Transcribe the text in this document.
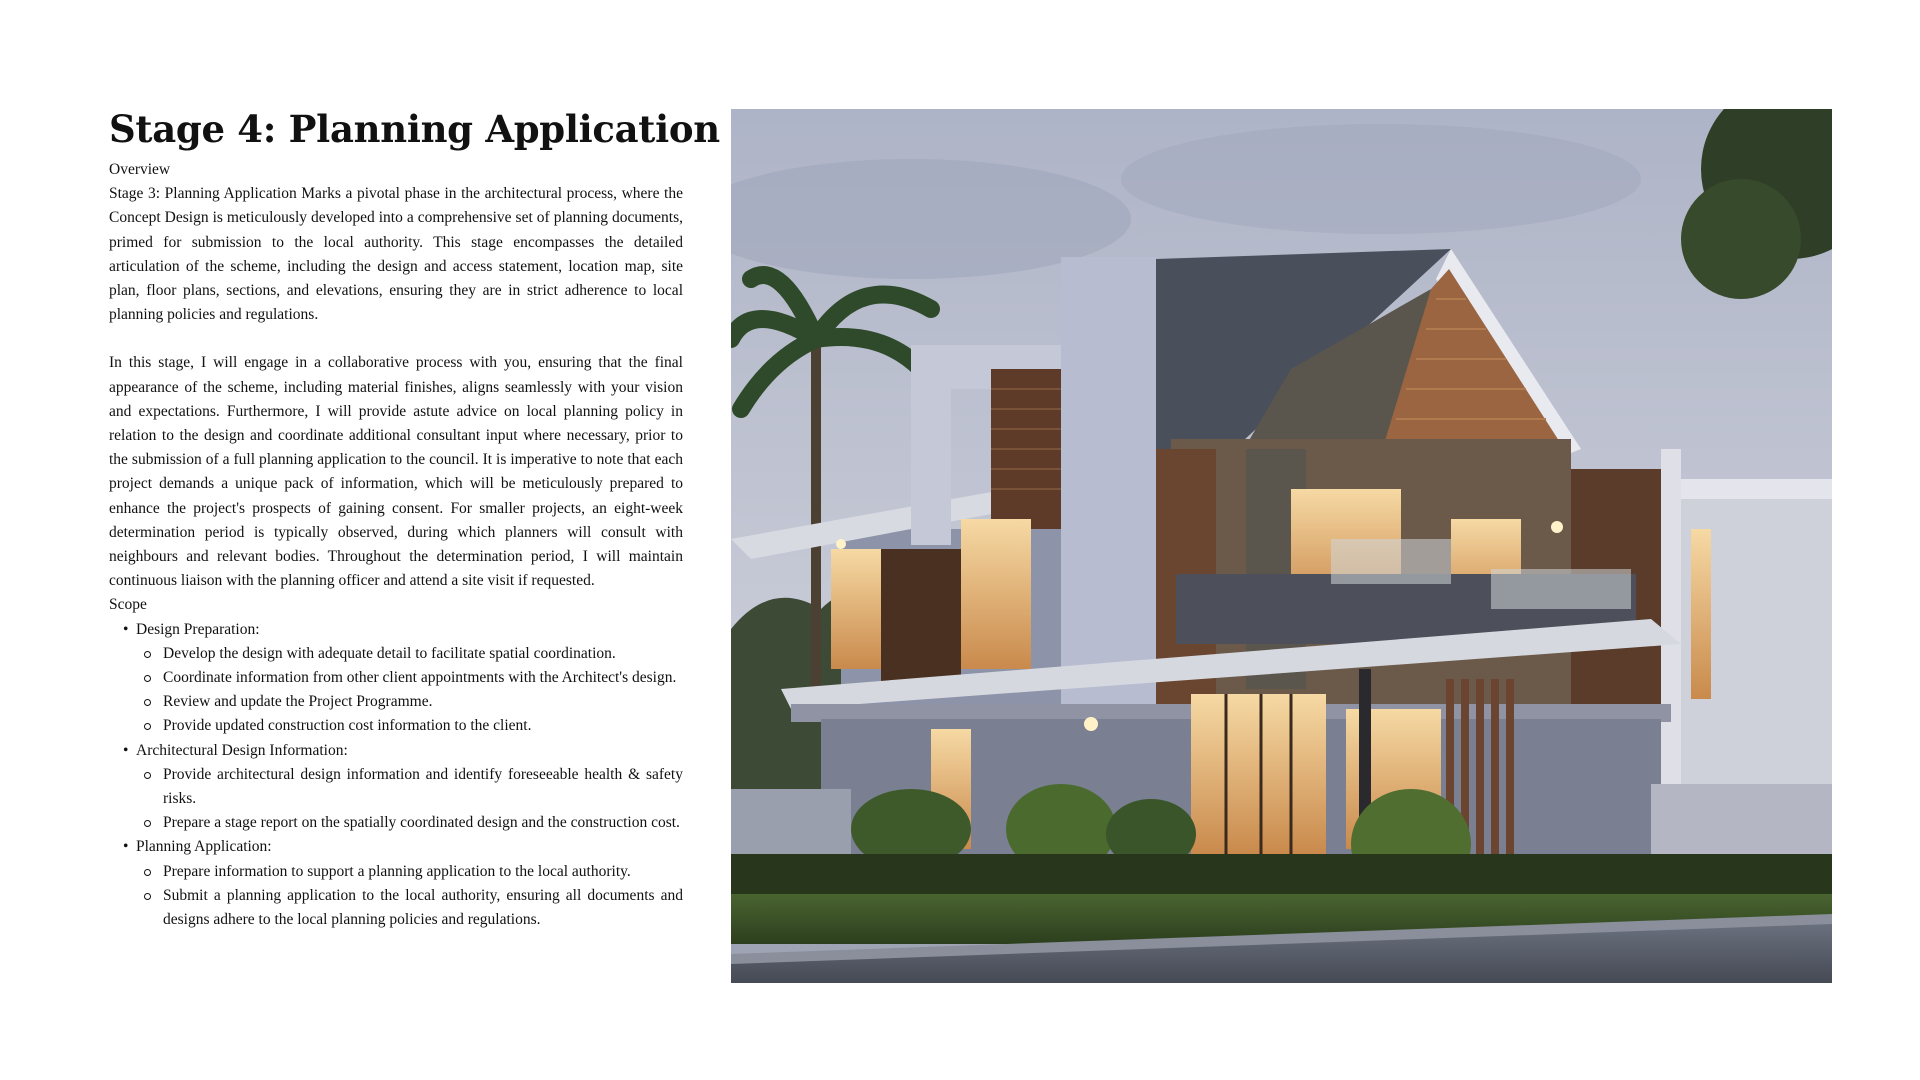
Stage 4: Planning Application

Overview

Stage 3: Planning Application Marks a pivotal phase in the architectural process, where the Concept Design is meticulously developed into a comprehensive set of planning documents, primed for submission to the local authority. This stage encompasses the detailed articulation of the scheme, including the design and access statement, location map, site plan, floor plans, sections, and elevations, ensuring they are in strict adherence to local planning policies and regulations.

In this stage, I will engage in a collaborative process with you, ensuring that the final appearance of the scheme, including material finishes, aligns seamlessly with your vision and expectations. Furthermore, I will provide astute advice on local planning policy in relation to the design and coordinate additional consultant input where necessary, prior to the submission of a full planning application to the council. It is imperative to note that each project demands a unique pack of information, which will be meticulously prepared to enhance the project's prospects of gaining consent. For smaller projects, an eight-week determination period is typically observed, during which planners will consult with neighbours and relevant bodies. Throughout the determination period, I will maintain continuous liaison with the planning officer and attend a site visit if requested.

Scope

• Design Preparation:
Develop the design with adequate detail to facilitate spatial coordination.
Coordinate information from other client appointments with the Architect's design.
Review and update the Project Programme.
Provide updated construction cost information to the client.
• Architectural Design Information:
Provide architectural design information and identify foreseeable health & safety risks.
Prepare a stage report on the spatially coordinated design and the construction cost.
• Planning Application:
Prepare information to support a planning application to the local authority.
Submit a planning application to the local authority, ensuring all documents and designs adhere to the local planning policies and regulations.
